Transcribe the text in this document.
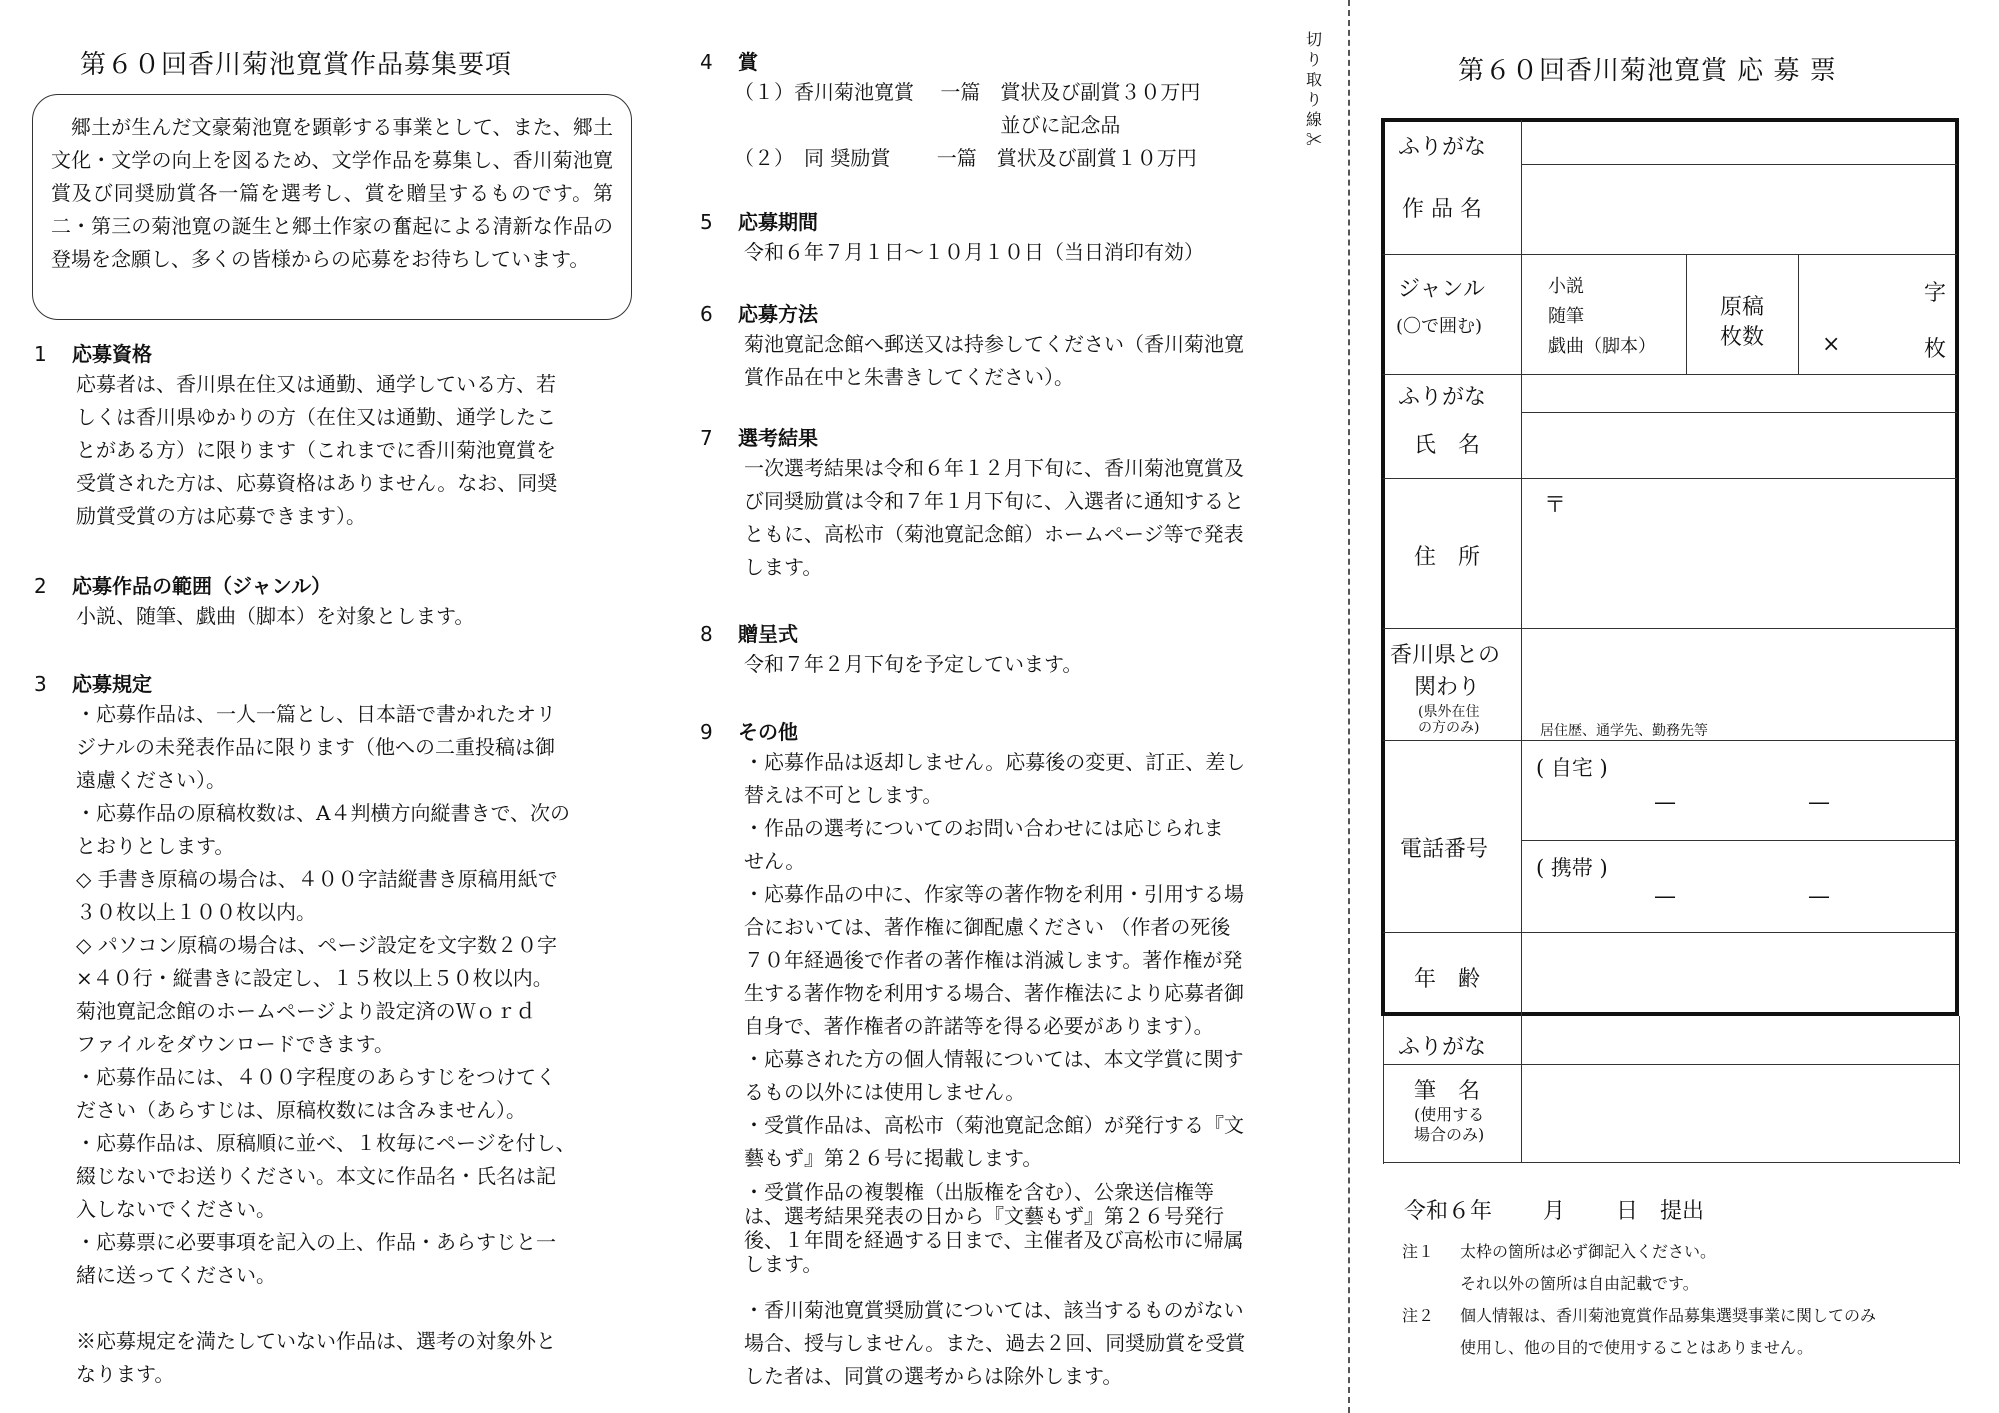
第６０回香川菊池寛賞作品募集要項
郷土が生んだ文豪菊池寛を顕彰する事業として、また、郷土文化・文学の向上を図るため、文学作品を募集し、香川菊池寛賞及び同奨励賞各一篇を選考し、賞を贈呈するものです。第二・第三の菊池寛の誕生と郷土作家の奮起による清新な作品の登場を念願し、多くの皆様からの応募をお待ちしています。
1 応募資格
応募者は、香川県在住又は通勤、通学している方、若
しくは香川県ゆかりの方（在住又は通勤、通学したこ
とがある方）に限ります（これまでに香川菊池寛賞を
受賞された方は、応募資格はありません。なお、同奨
励賞受賞の方は応募できます）。
2 応募作品の範囲（ジャンル）
小説、随筆、戯曲（脚本）を対象とします。
3 応募規定
・応募作品は、一人一篇とし、日本語で書かれたオリ
ジナルの未発表作品に限ります（他への二重投稿は御
遠慮ください）。
・応募作品の原稿枚数は、A４判横方向縦書きで、次の
とおりとします。
◇ 手書き原稿の場合は、４００字詰縦書き原稿用紙で
３０枚以上１００枚以内。
◇ パソコン原稿の場合は、ページ設定を文字数２０字
×４０行・縦書きに設定し、１５枚以上５０枚以内。
菊池寛記念館のホームページより設定済のＷｏｒｄ
ファイルをダウンロードできます。
・応募作品には、４００字程度のあらすじをつけてく
ださい（あらすじは、原稿枚数には含みません）。
・応募作品は、原稿順に並べ、１枚毎にページを付し、
綴じないでお送りください。本文に作品名・氏名は記
入しないでください。
・応募票に必要事項を記入の上、作品・あらすじと一
緒に送ってください。

※応募規定を満たしていない作品は、選考の対象外と
なります。
4 賞
（１）香川菊池寛賞　 一篇　賞状及び副賞３０万円
　　　　　　　　　　　　　 並びに記念品
（２）　同 奨励賞　　 一篇　賞状及び副賞１０万円
5 応募期間
令和６年７月１日～１０月１０日（当日消印有効）
6 応募方法
菊池寛記念館へ郵送又は持参してください（香川菊池寛
賞作品在中と朱書きしてください）。
7 選考結果
一次選考結果は令和６年１２月下旬に、香川菊池寛賞及
び同奨励賞は令和７年１月下旬に、入選者に通知すると
ともに、高松市（菊池寛記念館）ホームページ等で発表
します。
8 贈呈式
令和７年２月下旬を予定しています。
9 その他
・応募作品は返却しません。応募後の変更、訂正、差し
替えは不可とします。
・作品の選考についてのお問い合わせには応じられま
せん。
・応募作品の中に、作家等の著作物を利用・引用する場
合においては、著作権に御配慮ください （作者の死後
７０年経過後で作者の著作権は消滅します。著作権が発
生する著作物を利用する場合、著作権法により応募者御
自身で、著作権者の許諾等を得る必要があります）。
・応募された方の個人情報については、本文学賞に関す
るもの以外には使用しません。
・受賞作品は、高松市（菊池寛記念館）が発行する『文
藝もず』第２６号に掲載します。
・受賞作品の複製権（出版権を含む）、公衆送信権等
は、選考結果発表の日から『文藝もず』第２６号発行
後、１年間を経過する日まで、主催者及び高松市に帰属
します。
・香川菊池寛賞奨励賞については、該当するものがない
場合、授与しません。また、過去２回、同奨励賞を受賞
した者は、同賞の選考からは除外します。
切り取り線✂
第６０回香川菊池寛賞 応 募 票
ふりがな
作 品 名
ジャンル
(〇で囲む)
小説
随筆
戯曲（脚本）
原稿
枚数
字
×	枚
ふりがな
氏　名
住　所
〒
香川県との
関わり
(県外在住
の方のみ)	居住歴、通学先、勤務先等
電話番号
( 自宅 )
—	—
( 携帯 )
—	—
年　齢
ふりがな
筆　名
(使用する
場合のみ)
令和６年　　 月　　 日　提出
注１ 太枠の箇所は必ず御記入ください。
それ以外の箇所は自由記載です。
注２ 個人情報は、香川菊池寛賞作品募集選奨事業に関してのみ
使用し、他の目的で使用することはありません。
